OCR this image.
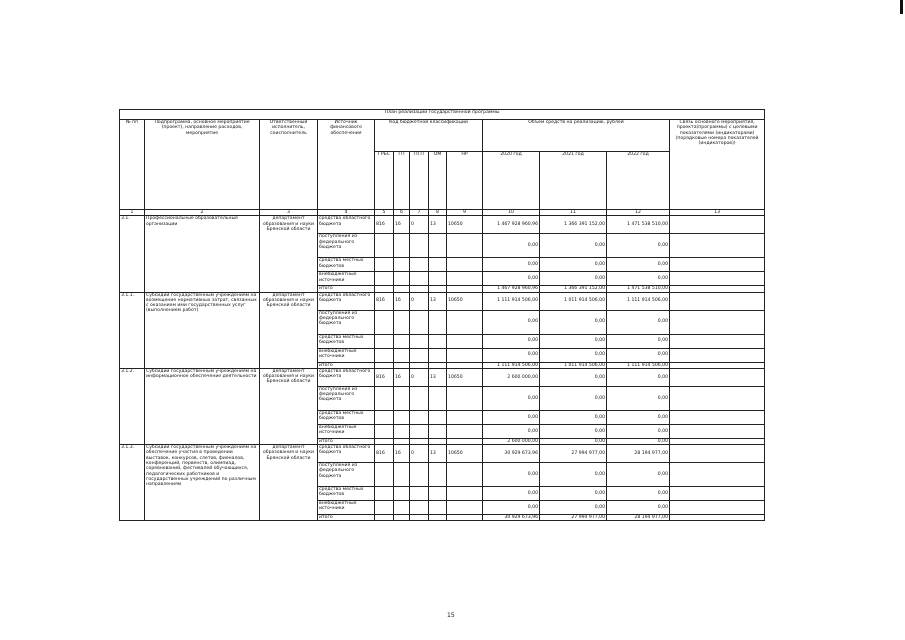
План реализации государственной программы												
№ пп	Подпрограмма, основное мероприятие (проект), направление расходов, мероприятие	Ответственный исполнитель, соисполнитель	Источник финансового обеспечения	Код бюджетной классификации					Объём средств на реализацию, рублей			Связь основного мероприятия, проекта(программы) с целевыми показателями (индикаторами) (порядковые номера показателей (индикаторов))
				ГРБС	ГП	ПГП	ОМ	НР	2020 год	2021 год	2022 год	
1	2	3	4	5	6	7	8	9	10	11	12	13
3.1.	Профессиональные образовательные организации	департамент образования и науки Брянской области	средства областного бюджета	816	16	0	13	10650	1 467 928 960,96	1 366 391 152,00	1 471 538 510,00	
			поступления из федерального бюджета						0,00	0,00	0,00	
			средства местных бюджетов						0,00	0,00	0,00	
			внебюджетные источники						0,00	0,00	0,00	
			итого						1 467 928 960,96	1 366 391 152,00	1 471 538 510,00	
3.1.1.	Субсидии государственным учреждениям на возмещение нормативных затрат, связанных с оказанием ими государственных услуг (выполнением работ)	департамент образования и науки Брянской области	средства областного бюджета	816	16	0	13	10650	1 111 914 506,00	1 011 914 506,00	1 111 914 506,00	
			поступления из федерального бюджета						0,00	0,00	0,00	
			средства местных бюджетов						0,00	0,00	0,00	
			внебюджетные источники						0,00	0,00	0,00	
			итого						1 111 914 506,00	1 011 914 506,00	1 111 914 506,00	
3.1.2.	Субсидии государственным учреждениям на информационное обеспечение деятельности	департамент образования и науки Брянской области	средства областного бюджета	816	16	0	13	10650	2 600 000,00	0,00	0,00	
			поступления из федерального бюджета						0,00	0,00	0,00	
			средства местных бюджетов						0,00	0,00	0,00	
			внебюджетные источники						0,00	0,00	0,00	
			итого						2 600 000,00	0,00	0,00	
3.1.3.	Субсидии государственным учреждениям на обеспечение участия в проведении выставок, конкурсов, слетов, фиеналов, конференций, первенств, олимпиад, соревнований, фестивалей обучающихся, педагогических работников и государственных учреждений по различным направлениям	департамент образования и науки Брянской области	средства областного бюджета	816	16	0	13	10650	30 929 673,96	27 994 977,00	28 194 977,00	
			поступления из федерального бюджета						0,00	0,00	0,00	
			средства местных бюджетов						0,00	0,00	0,00	
			внебюджетные источники						0,00	0,00	0,00	
			итого						30 929 673,96	27 994 977,00	28 194 977,00	
15
